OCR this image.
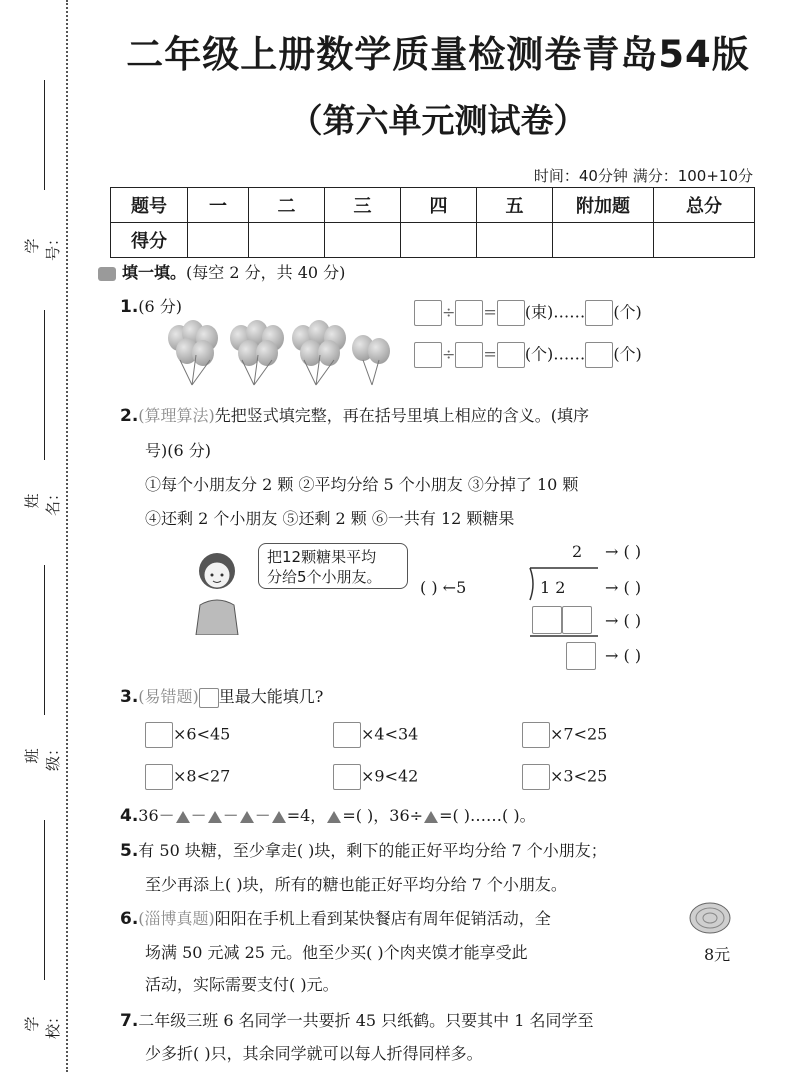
学号：
姓名：
班级：
学校：
二年级上册数学质量检测卷青岛54版
（第六单元测试卷）
时间：40分钟 满分：100+10分
题号	一	二	三	四	五	附加题	总分
得分							
填一填。(每空 2 分，共 40 分)
1.(6 分)	÷ = (束)…… (个)
÷ = (个)…… (个)
2.(算理算法)先把竖式填完整，再在括号里填上相应的含义。(填序
号)(6 分)
①每个小朋友分 2 颗 ②平均分给 5 个小朋友 ③分掉了 10 颗
④还剩 2 个小朋友 ⑤还剩 2 颗 ⑥一共有 12 颗糖果
把12颗糖果平均
分给5个小朋友。
2 → ( )
( ) ←5	1 2 → ( )
→ ( )
→ ( )
3.(易错题) 里最大能填几?
×6<45	×4<34	×7<25
×8<27	×9<42	×3<25
4.36－ － － － =4， =( )，36÷ =( )……( )。
5.有 50 块糖，至少拿走( )块，剩下的能正好平均分给 7 个小朋友；
至少再添上( )块，所有的糖也能正好平均分给 7 个小朋友。
6.(淄博真题)阳阳在手机上看到某快餐店有周年促销活动，全
场满 50 元减 25 元。他至少买( )个肉夹馍才能享受此
活动，实际需要支付( )元。
8元
7.二年级三班 6 名同学一共要折 45 只纸鹤。只要其中 1 名同学至
少多折( )只，其余同学就可以每人折得同样多。
